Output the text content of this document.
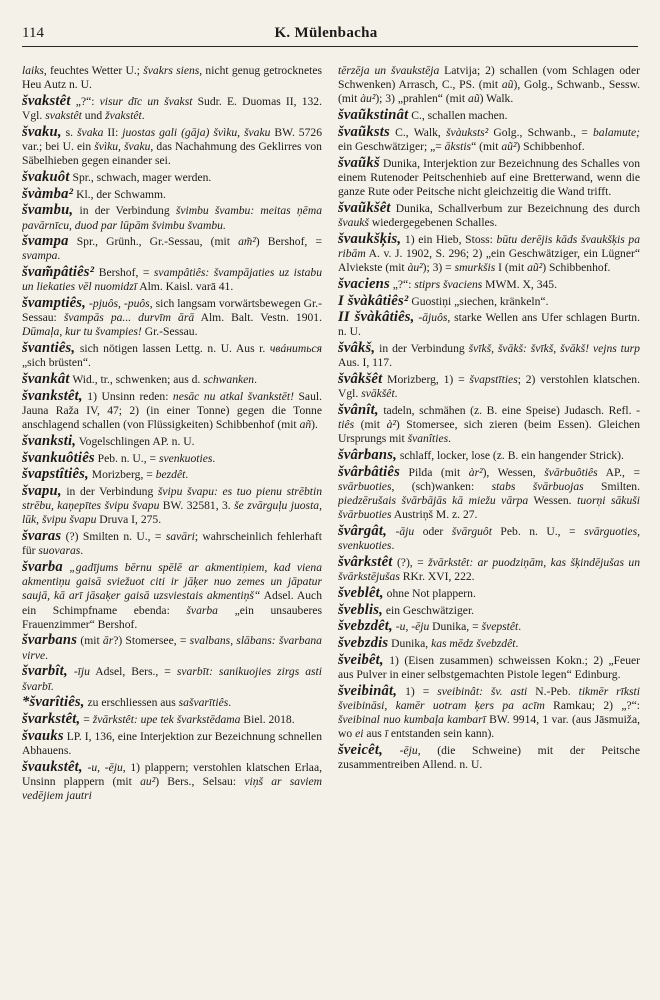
114	K. Mülenbacha

laiks, feuchtes Wetter U.; švakrs siens, nicht genug getrocknetes Heu Autz n. U.

švakstêt „?“: visur dīc un švakst Sudr. E. Duomas II, 132. Vgl. svakstêt und žvakstêt.

švaku, s. švaka II: juostas gali (gāja) švìku, švaku BW. 5726 var.; bei U. ein švìku, švaku, das Nachahmung des Geklirres von Säbelhieben gegen einander sei.

švakuôt Spr., schwach, mager werden.

švàmba² Kl., der Schwamm.

švambu, in der Verbindung švimbu švambu: meitas ņēma pavārnīcu, duod par lūpām švimbu švambu.

švampa Spr., Grünh., Gr.-Sessau, (mit am̃²) Bershof, = svampa.

švam̃pâtiês² Bershof, = svampâtiês: švampājaties uz istabu un liekaties vēl nuomidzī Alm. Kaisl. varā 41.

švamptiês, -pjuôs, -puôs, sich langsam vorwärtsbewegen Gr.-Sessau: švampās pa... durvīm ārā Alm. Balt. Vestn. 1901. Dūmaļa, kur tu švampies! Gr.-Sessau.

švantiês, sich nötigen lassen Lettg. n. U. Aus r. чвáниться „sich brüsten“.

švankât Wid., tr., schwenken; aus d. schwanken.

švankstêt, 1) Unsinn reden: nesāc nu atkal švankstēt! Saul. Jauna Raža IV, 47; 2) (in einer Tonne) gegen die Tonne anschlagend schallen (von Flüssigkeiten) Schibbenhof (mit añ).

švanksti, Vogelschlingen AP. n. U.

švankuôtiês Peb. n. U., = svenkuoties.

švapstîtiês, Morizberg, = bezdêt.

švapu, in der Verbindung švipu švapu: es tuo pienu strēbtin strēbu, kaņepītes švipu švapu BW. 32581, 3. še zvārguļu juosta, lūk, švipu švapu Druva I, 275.

švaras (?) Smilten n. U., = savāri; wahrscheinlich fehlerhaft für suovaras.

švarba „gadījums bērnu spēlē ar akmentiņiem, kad viena akmentiņu gaisā sviežuot citi ir jāķer nuo zemes un jāpatur saujā, kā arī jāsaķer gaisā uzsviestais akmentiņš“ Adsel. Auch ein Schimpfname ebenda: švarba „ein unsauberes Frauenzimmer“ Bershof.

švarbans (mit ār?) Stomersee, = svalbans, slābans: švarbana virve.

švarbît, -īju Adsel, Bers., = svarbīt: sanikuojies zirgs asti švarbī.

*švarîtiês, zu erschliessen aus sašvarītiês.

švarkstêt, = žvārkstêt: upe tek švarkstēdama Biel. 2018.

švauks LP. I, 136, eine Interjektion zur Bezeichnung schnellen Abhauens.

švaukstêt, -u, -ēju, 1) plappern; verstohlen klatschen Erlaa, Unsinn plappern (mit au²) Bers., Selsau: viņš ar saviem vedējiem jautri

tērzēja un švaukstēja Latvija; 2) schallen (vom Schlagen oder Schwenken) Arrasch, C., PS. (mit aũ), Golg., Schwanb., Sessw. (mit àu²); 3) „prahlen“ (mit aũ) Walk.

švaũkstinât C., schallen machen.

švaũksts C., Walk, švàuksts² Golg., Schwanb., = balamute; ein Geschwätziger; „= ākstis“ (mit aũ²) Schibbenhof.

švaũkš Dunika, Interjektion zur Bezeichnung des Schalles von einem Rutenoder Peitschenhieb auf eine Bretterwand, wenn die ganze Rute oder Peitsche nicht gleichzeitig die Wand trifft.

švaũkšêt Dunika, Schallverbum zur Bezeichnung des durch švaukš wiedergegebenen Schalles.

švaukšķis, 1) ein Hieb, Stoss: būtu derējis kāds švaukšķis pa ribām A. v. J. 1902, S. 296; 2) „ein Geschwätziger, ein Lügner“ Alviekste (mit àu²); 3) = smurkšis I (mit aũ²) Schibbenhof.

švaciens „?“: stiprs švaciens MWM. X, 345.

I švàkâtiês² Guostiņi „siechen, kränkeln“.

II švàkâtiês, -ājuôs, starke Wellen ans Ufer schlagen Burtn. n. U.

švâkš, in der Verbindung švīkš, švākš: švīkš, švākš! vejns turp Aus. I, 117.

švâkšêt Morizberg, 1) = švapstīties; 2) verstohlen klatschen. Vgl. svākšêt.

švânît, tadeln, schmähen (z. B. eine Speise) Judasch. Refl. -tiês (mit à²) Stomersee, sich zieren (beim Essen). Gleichen Ursprungs mit švanîties.

švârbans, schlaff, locker, lose (z. B. ein hangender Strick).

švârbâtiês Pilda (mit àr²), Wessen, švārbuôtiês AP., = svārbuoties, (sch)wanken: stabs švārbuojas Smilten. piedzērušais švārbājās kā miežu vārpa Wessen. tuorņi sākuši švārbuoties Austriņš M. z. 27.

švârgât, -āju oder švārguôt Peb. n. U., = svārguoties, svenkuoties.

švârkstêt (?), = žvārkstêt: ar puodziņām, kas šķindējušas un švārkstējušas RKr. XVI, 222.

šveblêt, ohne Not plappern.

šveblis, ein Geschwätziger.

švebzdêt, -u, -ēju Dunika, = švepstêt.

švebzdis Dunika, kas mēdz švebzdêt.

šveibêt, 1) (Eisen zusammen) schweissen Kokn.; 2) „Feuer aus Pulver in einer selbstgemachten Pistole legen“ Edinburg.

šveibinât, 1) = sveibinât: šv. asti N.-Peb. tikmēr rīksti šveibināsi, kamēr uotram ķers pa acīm Ramkau; 2) „?“: šveibinal nuo kumbaļa kambarī BW. 9914, 1 var. (aus Jāsmuiža, wo ei aus ī entstanden sein kann).

šveicêt, -ēju, (die Schweine) mit der Peitsche zusammentreiben Allend. n. U.
